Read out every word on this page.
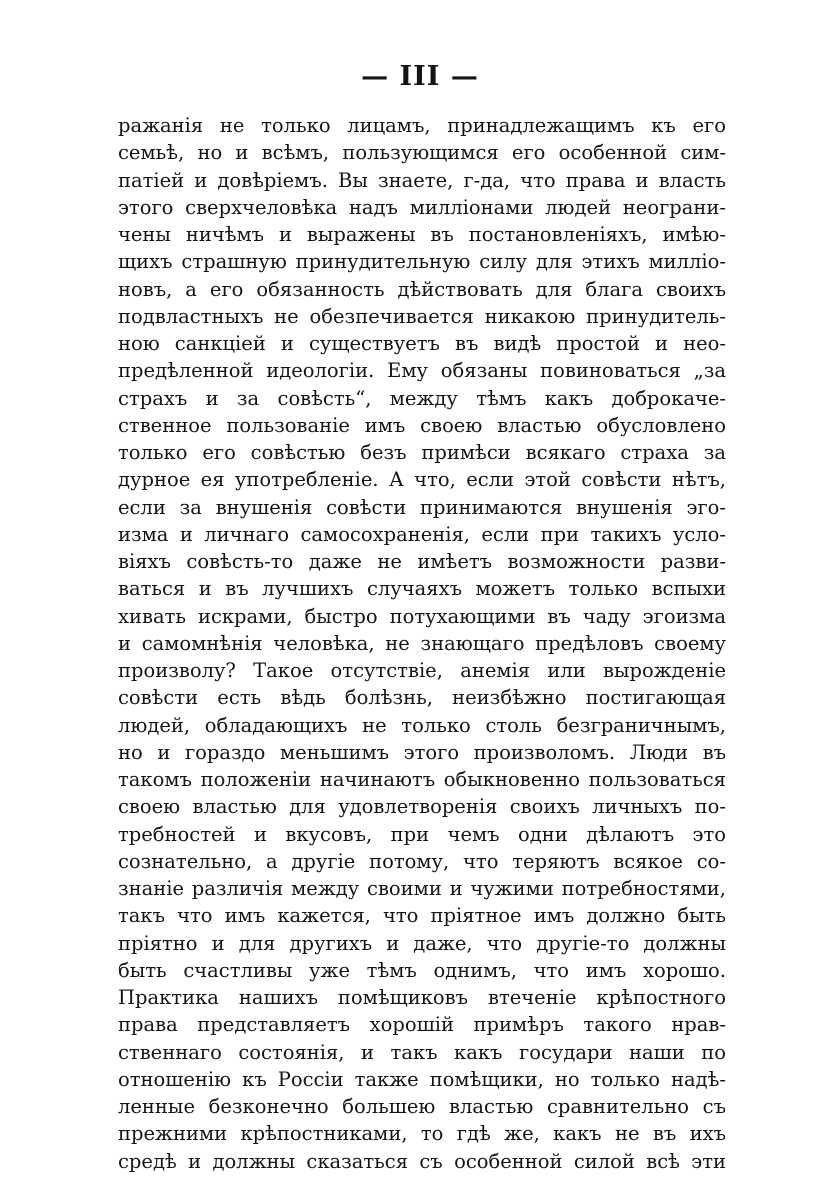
— III —
ражанія не только лицамъ, принадлежащимъ къ его
семьѣ, но и всѣмъ, пользующимся его особенной сим-
патіей и довѣріемъ. Вы знаете, г-да, что права и власть
этого сверхчеловѣка надъ милліонами людей неограни-
чены ничѣмъ и выражены въ постановленіяхъ, имѣю-
щихъ страшную принудительную силу для этихъ милліо-
новъ, а его обязанность дѣйствовать для блага своихъ
подвластныхъ не обезпечивается никакою принудитель-
ною санкціей и существуетъ въ видѣ простой и нео-
предѣленной идеологіи. Ему обязаны повиноваться „за
страхъ и за совѣсть“, между тѣмъ какъ доброкаче-
ственное пользованіе имъ своею властью обусловлено
только его совѣстью безъ примѣси всякаго страха за
дурное ея употребленіе. А что, если этой совѣсти нѣтъ,
если за внушенія совѣсти принимаются внушенія эго-
изма и личнаго самосохраненія, если при такихъ усло-
віяхъ совѣсть-то даже не имѣетъ возможности разви-
ваться и въ лучшихъ случаяхъ можетъ только вспыхи
хивать искрами, быстро потухающими въ чаду эгоизма
и самомнѣнія человѣка, не знающаго предѣловъ своему
произволу? Такое отсутствіе, анемія или вырожденіе
совѣсти есть вѣдь болѣзнь, неизбѣжно постигающая
людей, обладающихъ не только столь безграничнымъ,
но и гораздо меньшимъ этого произволомъ. Люди въ
такомъ положеніи начинаютъ обыкновенно пользоваться
своею властью для удовлетворенія своихъ личныхъ по-
требностей и вкусовъ, при чемъ одни дѣлаютъ это
сознательно, а другіе потому, что теряютъ всякое со-
знаніе различія между своими и чужими потребностями,
такъ что имъ кажется, что пріятное имъ должно быть
пріятно и для другихъ и даже, что другіе-то должны
быть счастливы уже тѣмъ однимъ, что имъ хорошо.
Практика нашихъ помѣщиковъ втеченіе крѣпостного
права представляетъ хорошій примѣръ такого нрав-
ственнаго состоянія, и такъ какъ государи наши по
отношенію къ Россіи также помѣщики, но только надѣ-
ленные безконечно большею властью сравнительно съ
прежними крѣпостниками, то гдѣ же, какъ не въ ихъ
средѣ и должны сказаться съ особенной силой всѣ эти
